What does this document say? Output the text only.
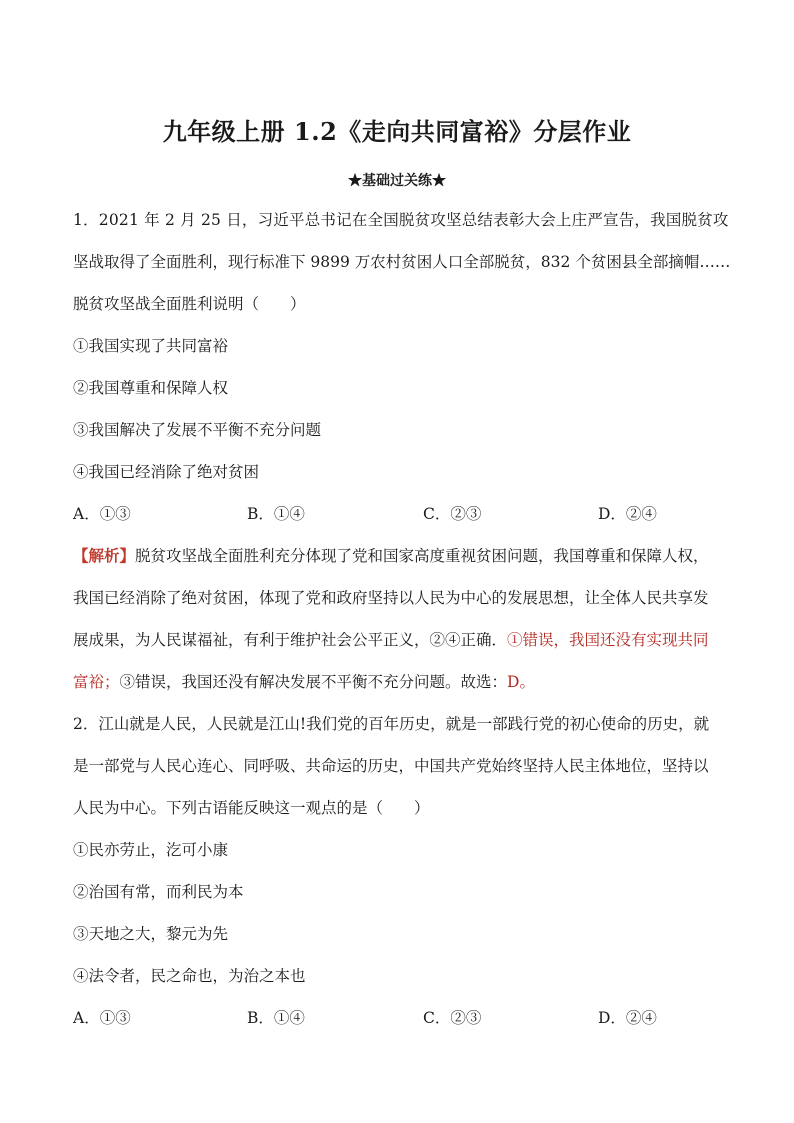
九年级上册 1.2《走向共同富裕》分层作业
★基础过关练★
1．2021 年 2 月 25 日，习近平总书记在全国脱贫攻坚总结表彰大会上庄严宣告，我国脱贫攻
坚战取得了全面胜利，现行标准下 9899 万农村贫困人口全部脱贫，832 个贫困县全部摘帽……
脱贫攻坚战全面胜利说明（　　）
①我国实现了共同富裕
②我国尊重和保障人权
③我国解决了发展不平衡不充分问题
④我国已经消除了绝对贫困
A．①③	B．①④	C．②③	D．②④
【解析】脱贫攻坚战全面胜利充分体现了党和国家高度重视贫困问题，我国尊重和保障人权，
我国已经消除了绝对贫困，体现了党和政府坚持以人民为中心的发展思想，让全体人民共享发
展成果，为人民谋福祉，有利于维护社会公平正义，②④正确．①错误，我国还没有实现共同
富裕；③错误，我国还没有解决发展不平衡不充分问题。故选：D。
2．江山就是人民，人民就是江山!我们党的百年历史，就是一部践行党的初心使命的历史，就
是一部党与人民心连心、同呼吸、共命运的历史，中国共产党始终坚持人民主体地位，坚持以
人民为中心。下列古语能反映这一观点的是（　　）
①民亦劳止，汔可小康
②治国有常，而利民为本
③天地之大，黎元为先
④法令者，民之命也，为治之本也
A．①③	B．①④	C．②③	D．②④
